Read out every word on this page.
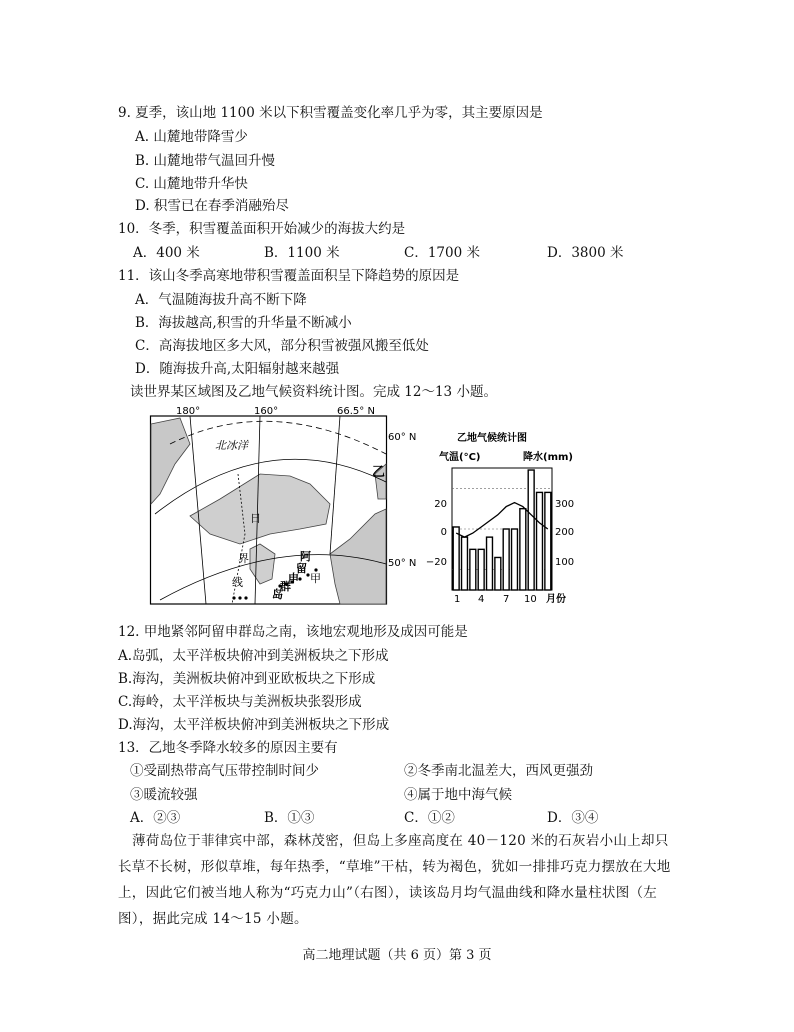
9. 夏季，该山地 1100 米以下积雪覆盖变化率几乎为零，其主要原因是
A. 山麓地带降雪少
B. 山麓地带气温回升慢
C. 山麓地带升华快
D. 积雪已在春季消融殆尽
10．冬季，积雪覆盖面积开始减少的海拔大约是
A．400 米	B．1100 米	C．1700 米	D．3800 米
11．该山冬季高寒地带积雪覆盖面积呈下降趋势的原因是
A．气温随海拔升高不断下降
B．海拔越高,积雪的升华量不断减小
C．高海拔地区多大风，部分积雪被强风搬至低处
D．随海拔升高,太阳辐射越来越强
读世界某区域图及乙地气候资料统计图。完成 12～13 小题。
180°	160°	66.5° N
60° N
50° N
北冰洋
乙
日
界
线
阿
留
申
群
岛
甲
乙地气候统计图
气温(°C)	降水(mm)
20
0
−20
300
200
100
1 4 7 10 月份
12. 甲地紧邻阿留申群岛之南，该地宏观地形及成因可能是
A.岛弧，太平洋板块俯冲到美洲板块之下形成
B.海沟，美洲板块俯冲到亚欧板块之下形成
C.海岭，太平洋板块与美洲板块张裂形成
D.海沟，太平洋板块俯冲到美洲板块之下形成
13．乙地冬季降水较多的原因主要有
①受副热带高气压带控制时间少	②冬季南北温差大，西风更强劲
③暖流较强	④属于地中海气候
A．②③	B．①③	C．①②	D．③④
薄荷岛位于菲律宾中部，森林茂密，但岛上多座高度在 40－120 米的石灰岩小山上却只长草不长树，形似草堆，每年热季，“草堆”干枯，转为褐色，犹如一排排巧克力摆放在大地上，因此它们被当地人称为“巧克力山”（右图），读该岛月均气温曲线和降水量柱状图（左图），据此完成 14～15 小题。
高二地理试题（共 6 页）第 3 页
